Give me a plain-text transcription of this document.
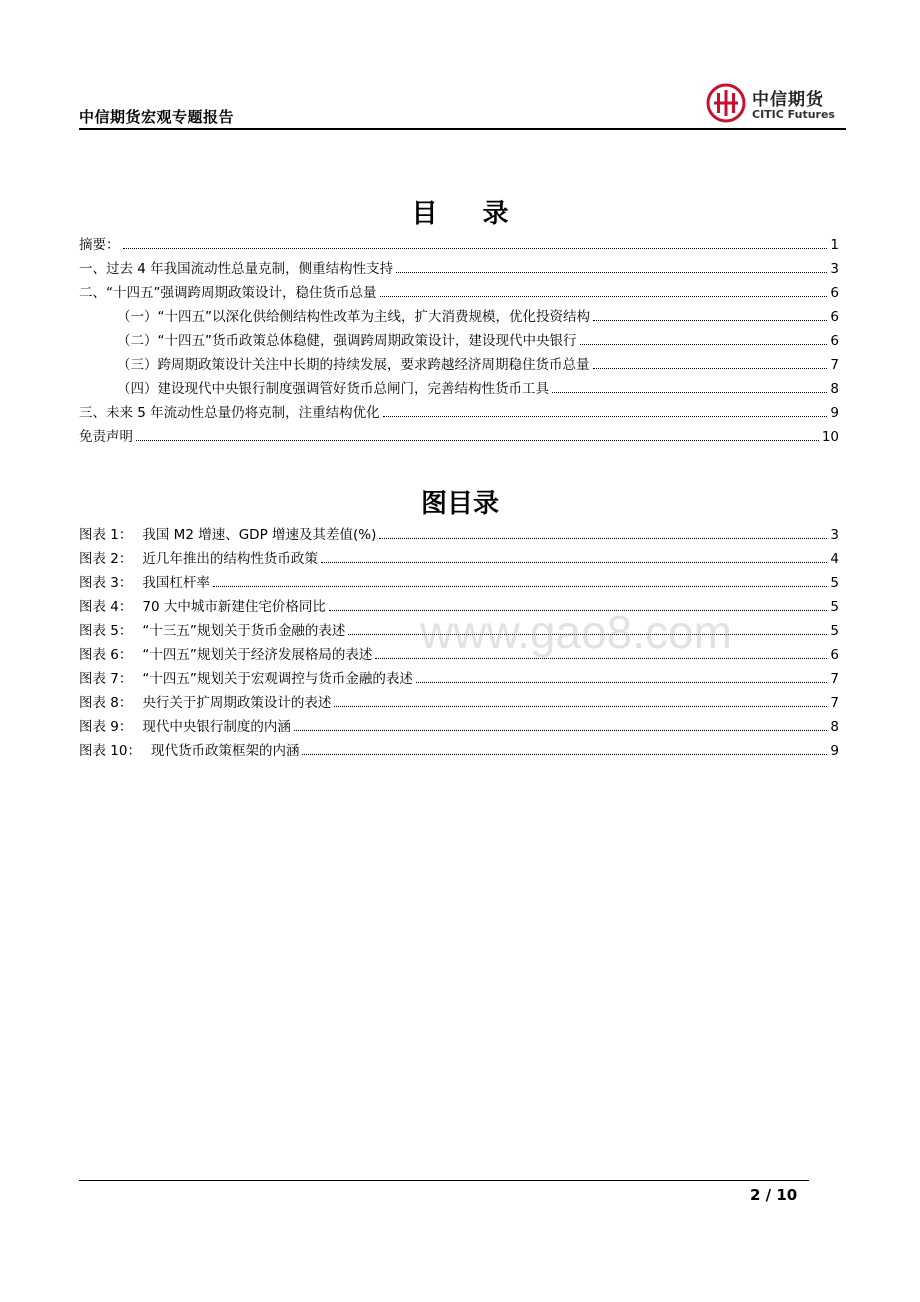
中信期货宏观专题报告
中信期货
CITIC Futures
目 录
摘要：	1
一、过去 4 年我国流动性总量克制，侧重结构性支持	3
二、“十四五”强调跨周期政策设计，稳住货币总量	6
（一）“十四五”以深化供给侧结构性改革为主线，扩大消费规模，优化投资结构	6
（二）“十四五”货币政策总体稳健，强调跨周期政策设计，建设现代中央银行	6
（三）跨周期政策设计关注中长期的持续发展，要求跨越经济周期稳住货币总量	7
（四）建设现代中央银行制度强调管好货币总闸门，完善结构性货币工具	8
三、未来 5 年流动性总量仍将克制，注重结构优化	9
免责声明	10
图目录
图表 1： 我国 M2 增速、GDP 增速及其差值(%)	3
图表 2： 近几年推出的结构性货币政策	4
图表 3： 我国杠杆率	5
图表 4： 70 大中城市新建住宅价格同比	5
图表 5： “十三五”规划关于货币金融的表述	5
图表 6： “十四五”规划关于经济发展格局的表述	6
图表 7： “十四五”规划关于宏观调控与货币金融的表述	7
图表 8： 央行关于扩周期政策设计的表述	7
图表 9： 现代中央银行制度的内涵	8
图表 10： 现代货币政策框架的内涵	9
www.gao8.com
2 / 10
